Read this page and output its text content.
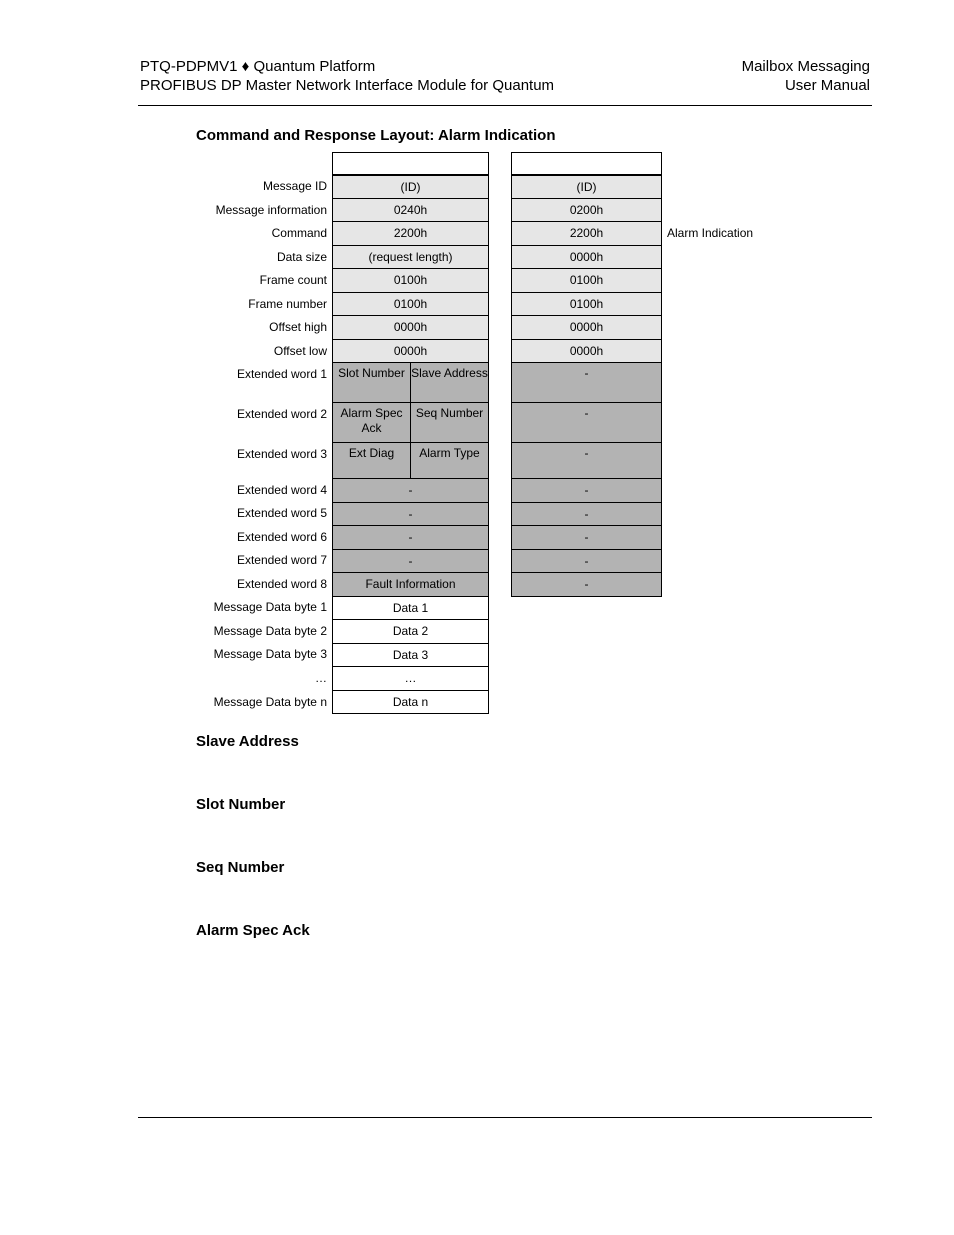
PTQ-PDPMV1 ♦ Quantum Platform
PROFIBUS DP Master Network Interface Module for Quantum
Mailbox Messaging
User Manual
Command and Response Layout: Alarm Indication
Message ID
Message information
Command
Data size
Frame count
Frame number
Offset high
Offset low
Extended word 1
Extended word 2
Extended word 3
Extended word 4
Extended word 5
Extended word 6
Extended word 7
Extended word 8
Message Data byte 1
Message Data byte 2
Message Data byte 3
…
Message Data byte n
(ID)
0240h
2200h
(request length)
0100h
0100h
0000h
0000h
Slot Number Slave Address
Alarm Spec Ack
Seq Number
Ext Diag	Alarm Type
-
-
-
-
Fault Information
Data 1
Data 2
Data 3
…
Data n
(ID)
0200h
2200h
0000h
0100h
0100h
0000h
0000h
-
-
-
-
-
-
-
-
Alarm Indication
Slave Address
Slot Number
Seq Number
Alarm Spec Ack
